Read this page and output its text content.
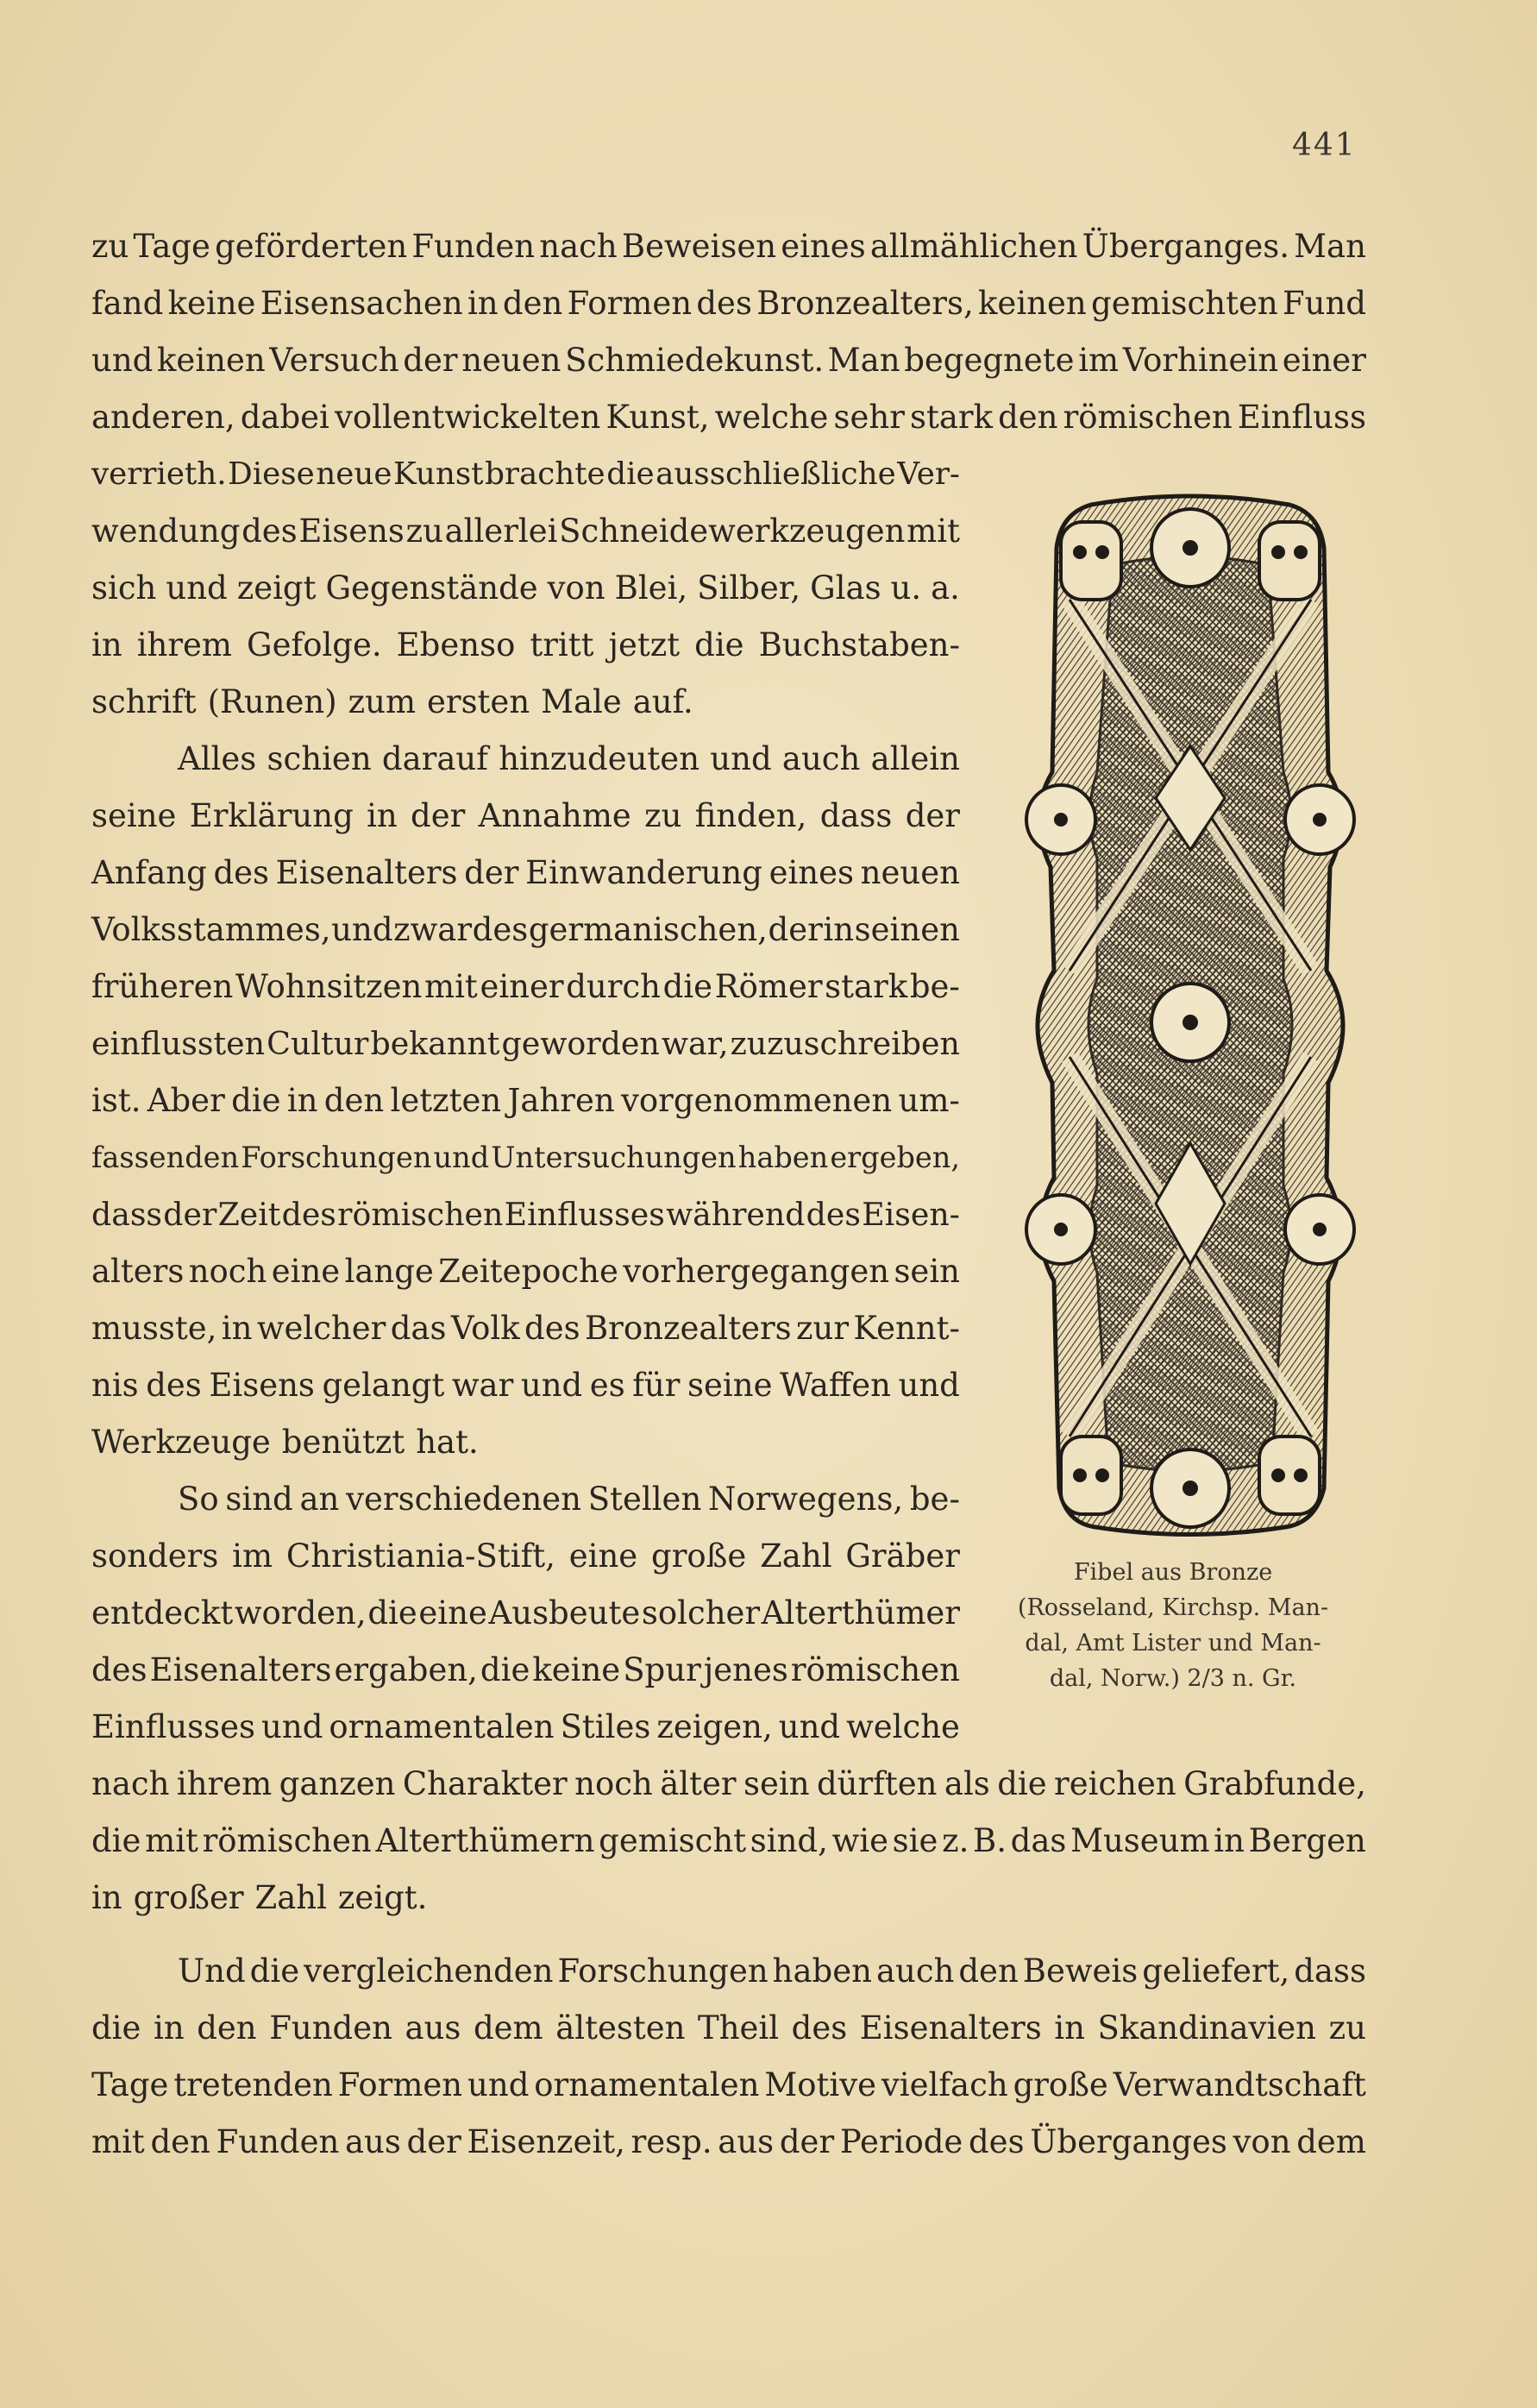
441
zu Tage geförderten Funden nach Beweisen eines allmählichen Überganges. Man
fand keine Eisensachen in den Formen des Bronzealters, keinen gemischten Fund
und keinen Versuch der neuen Schmiedekunst. Man begegnete im Vorhinein einer
anderen, dabei vollentwickelten Kunst, welche sehr stark den römischen Einfluss
verrieth. Diese neue Kunst brachte die ausschließliche Ver-
wendung des Eisens zu allerlei Schneidewerkzeugen mit
sich und zeigt Gegenstände von Blei, Silber, Glas u. a.
in ihrem Gefolge. Ebenso tritt jetzt die Buchstaben-
schrift (Runen) zum ersten Male auf.
Alles schien darauf hinzudeuten und auch allein
seine Erklärung in der Annahme zu finden, dass der
Anfang des Eisenalters der Einwanderung eines neuen
Volksstammes, und zwar des germanischen, der in seinen
früheren Wohnsitzen mit einer durch die Römer stark be-
einflussten Cultur bekannt geworden war, zuzuschreiben
ist. Aber die in den letzten Jahren vorgenommenen um-
fassenden Forschungen und Untersuchungen haben ergeben,
dass der Zeit des römischen Einflusses während des Eisen-
alters noch eine lange Zeitepoche vorhergegangen sein
musste, in welcher das Volk des Bronzealters zur Kennt-
nis des Eisens gelangt war und es für seine Waffen und
Werkzeuge benützt hat.
So sind an verschiedenen Stellen Norwegens, be-
sonders im Christiania-Stift, eine große Zahl Gräber
entdeckt worden, die eine Ausbeute solcher Alterthümer
des Eisenalters ergaben, die keine Spur jenes römischen
Einflusses und ornamentalen Stiles zeigen, und welche
nach ihrem ganzen Charakter noch älter sein dürften als die reichen Grabfunde,
die mit römischen Alterthümern gemischt sind, wie sie z. B. das Museum in Bergen
in großer Zahl zeigt.
Und die vergleichenden Forschungen haben auch den Beweis geliefert, dass
die in den Funden aus dem ältesten Theil des Eisenalters in Skandinavien zu
Tage tretenden Formen und ornamentalen Motive vielfach große Verwandtschaft
mit den Funden aus der Eisenzeit, resp. aus der Periode des Überganges von dem
Fibel aus Bronze
(Rosseland, Kirchsp. Man-
dal, Amt Lister und Man-
dal, Norw.) 2/3 n. Gr.
